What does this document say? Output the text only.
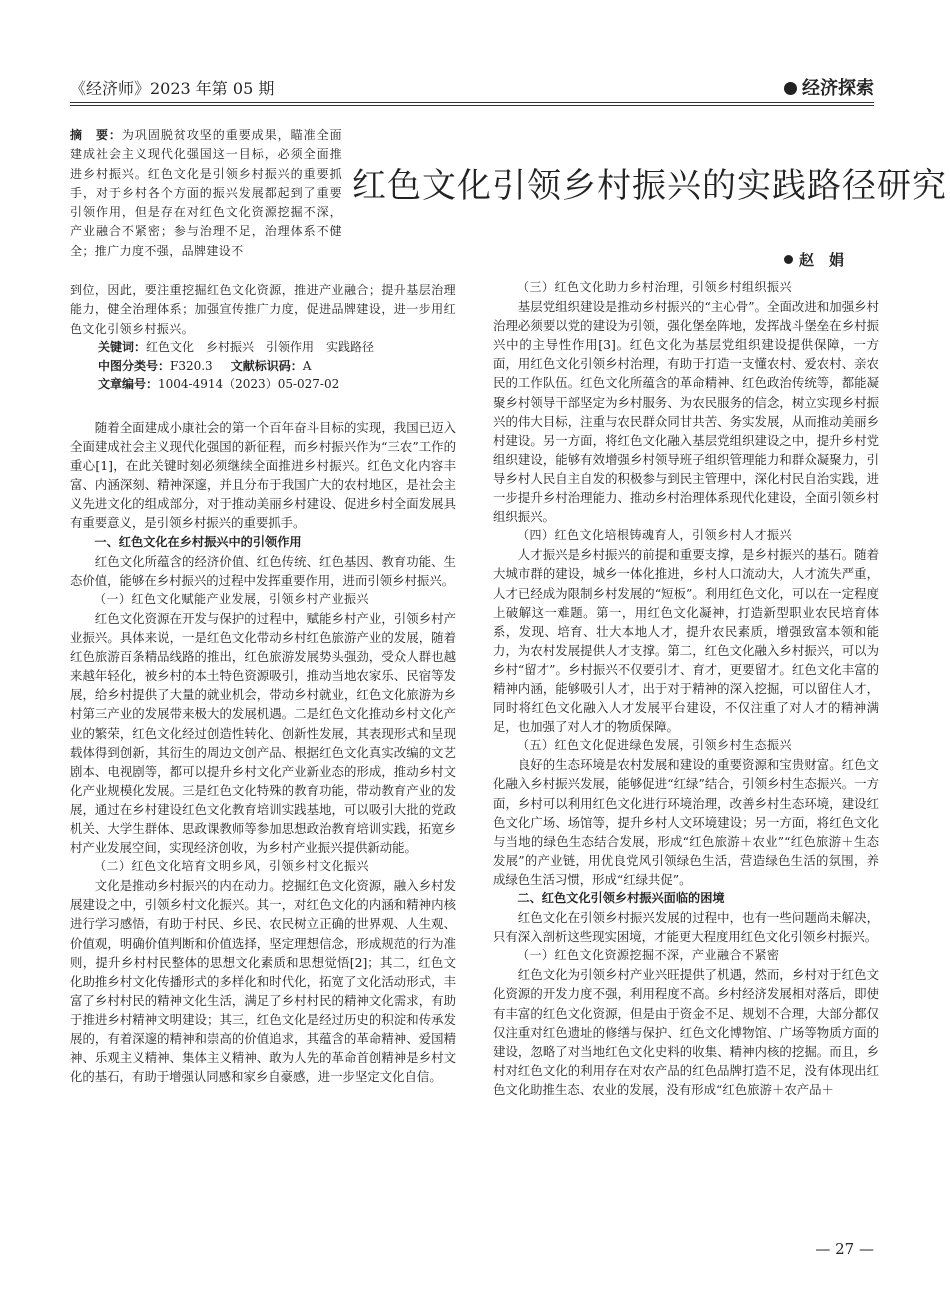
《经济师》2023 年第 05 期	经济探索
摘　要：为巩固脱贫攻坚的重要成果，瞄准全面建成社会主义现代化强国这一目标，必须全面推进乡村振兴。红色文化是引领乡村振兴的重要抓手，对于乡村各个方面的振兴发展都起到了重要引领作用，但是存在对红色文化资源挖掘不深，产业融合不紧密；参与治理不足，治理体系不健全；推广力度不强，品牌建设不
到位，因此，要注重挖掘红色文化资源，推进产业融合；提升基层治理能力，健全治理体系；加强宣传推广力度，促进品牌建设，进一步用红色文化引领乡村振兴。
关键词：红色文化　乡村振兴　引领作用　实践路径
中图分类号：F320.3 文献标识码：A
文章编号：1004-4914（2023）05-027-02
红色文化引领乡村振兴的实践路径研究
赵　娟

随着全面建成小康社会的第一个百年奋斗目标的实现，我国已迈入全面建成社会主义现代化强国的新征程，而乡村振兴作为“三农”工作的重心[1]，在此关键时刻必须继续全面推进乡村振兴。红色文化内容丰富、内涵深刻、精神深邃，并且分布于我国广大的农村地区，是社会主义先进文化的组成部分，对于推动美丽乡村建设、促进乡村全面发展具有重要意义，是引领乡村振兴的重要抓手。

一、红色文化在乡村振兴中的引领作用

红色文化所蕴含的经济价值、红色传统、红色基因、教育功能、生态价值，能够在乡村振兴的过程中发挥重要作用，进而引领乡村振兴。

（一）红色文化赋能产业发展，引领乡村产业振兴

红色文化资源在开发与保护的过程中，赋能乡村产业，引领乡村产业振兴。具体来说，一是红色文化带动乡村红色旅游产业的发展，随着红色旅游百条精品线路的推出，红色旅游发展势头强劲，受众人群也越来越年轻化，被乡村的本土特色资源吸引，推动当地农家乐、民宿等发展，给乡村提供了大量的就业机会，带动乡村就业，红色文化旅游为乡村第三产业的发展带来极大的发展机遇。二是红色文化推动乡村文化产业的繁荣，红色文化经过创造性转化、创新性发展，其表现形式和呈现载体得到创新，其衍生的周边文创产品、根据红色文化真实改编的文艺剧本、电视剧等，都可以提升乡村文化产业新业态的形成，推动乡村文化产业规模化发展。三是红色文化特殊的教育功能，带动教育产业的发展，通过在乡村建设红色文化教育培训实践基地，可以吸引大批的党政机关、大学生群体、思政课教师等参加思想政治教育培训实践，拓宽乡村产业发展空间，实现经济创收，为乡村产业振兴提供新动能。

（二）红色文化培育文明乡风，引领乡村文化振兴

文化是推动乡村振兴的内在动力。挖掘红色文化资源，融入乡村发展建设之中，引领乡村文化振兴。其一，对红色文化的内涵和精神内核进行学习感悟，有助于村民、乡民、农民树立正确的世界观、人生观、价值观，明确价值判断和价值选择，坚定理想信念，形成规范的行为准则，提升乡村村民整体的思想文化素质和思想觉悟[2]；其二，红色文化助推乡村文化传播形式的多样化和时代化，拓宽了文化活动形式，丰富了乡村村民的精神文化生活，满足了乡村村民的精神文化需求，有助于推进乡村精神文明建设；其三，红色文化是经过历史的积淀和传承发展的，有着深邃的精神和崇高的价值追求，其蕴含的革命精神、爱国精神、乐观主义精神、集体主义精神、敢为人先的革命首创精神是乡村文化的基石，有助于增强认同感和家乡自豪感，进一步坚定文化自信。

（三）红色文化助力乡村治理，引领乡村组织振兴

基层党组织建设是推动乡村振兴的“主心骨”。全面改进和加强乡村治理必须要以党的建设为引领，强化堡垒阵地，发挥战斗堡垒在乡村振兴中的主导性作用[3]。红色文化为基层党组织建设提供保障，一方面，用红色文化引领乡村治理，有助于打造一支懂农村、爱农村、亲农民的工作队伍。红色文化所蕴含的革命精神、红色政治传统等，都能凝聚乡村领导干部坚定为乡村服务、为农民服务的信念，树立实现乡村振兴的伟大目标，注重与农民群众同甘共苦、务实发展，从而推动美丽乡村建设。另一方面，将红色文化融入基层党组织建设之中，提升乡村党组织建设，能够有效增强乡村领导班子组织管理能力和群众凝聚力，引导乡村人民自主自发的积极参与到民主管理中，深化村民自治实践，进一步提升乡村治理能力、推动乡村治理体系现代化建设，全面引领乡村组织振兴。

（四）红色文化培根铸魂育人，引领乡村人才振兴

人才振兴是乡村振兴的前提和重要支撑，是乡村振兴的基石。随着大城市群的建设，城乡一体化推进，乡村人口流动大，人才流失严重，人才已经成为限制乡村发展的“短板”。利用红色文化，可以在一定程度上破解这一难题。第一，用红色文化凝神，打造新型职业农民培育体系，发现、培育、壮大本地人才，提升农民素质，增强致富本领和能力，为农村发展提供人才支撑。第二，红色文化融入乡村振兴，可以为乡村“留才”。乡村振兴不仅要引才、育才，更要留才。红色文化丰富的精神内涵，能够吸引人才，出于对于精神的深入挖掘，可以留住人才，同时将红色文化融入人才发展平台建设，不仅注重了对人才的精神满足，也加强了对人才的物质保障。

（五）红色文化促进绿色发展，引领乡村生态振兴

良好的生态环境是农村发展和建设的重要资源和宝贵财富。红色文化融入乡村振兴发展，能够促进“红绿”结合，引领乡村生态振兴。一方面，乡村可以利用红色文化进行环境治理，改善乡村生态环境，建设红色文化广场、场馆等，提升乡村人文环境建设；另一方面，将红色文化与当地的绿色生态结合发展，形成“红色旅游＋农业”“红色旅游＋生态发展”的产业链，用优良党风引领绿色生活，营造绿色生活的氛围，养成绿色生活习惯，形成“红绿共促”。

二、红色文化引领乡村振兴面临的困境

红色文化在引领乡村振兴发展的过程中，也有一些问题尚未解决，只有深入剖析这些现实困境，才能更大程度用红色文化引领乡村振兴。

（一）红色文化资源挖掘不深，产业融合不紧密

红色文化为引领乡村产业兴旺提供了机遇，然而，乡村对于红色文化资源的开发力度不强，利用程度不高。乡村经济发展相对落后，即使有丰富的红色文化资源，但是由于资金不足、规划不合理，大部分都仅仅注重对红色遗址的修缮与保护、红色文化博物馆、广场等物质方面的建设，忽略了对当地红色文化史料的收集、精神内核的挖掘。而且，乡村对红色文化的利用存在对农产品的红色品牌打造不足，没有体现出红色文化助推生态、农业的发展，没有形成“红色旅游＋农产品＋

— 27 —
